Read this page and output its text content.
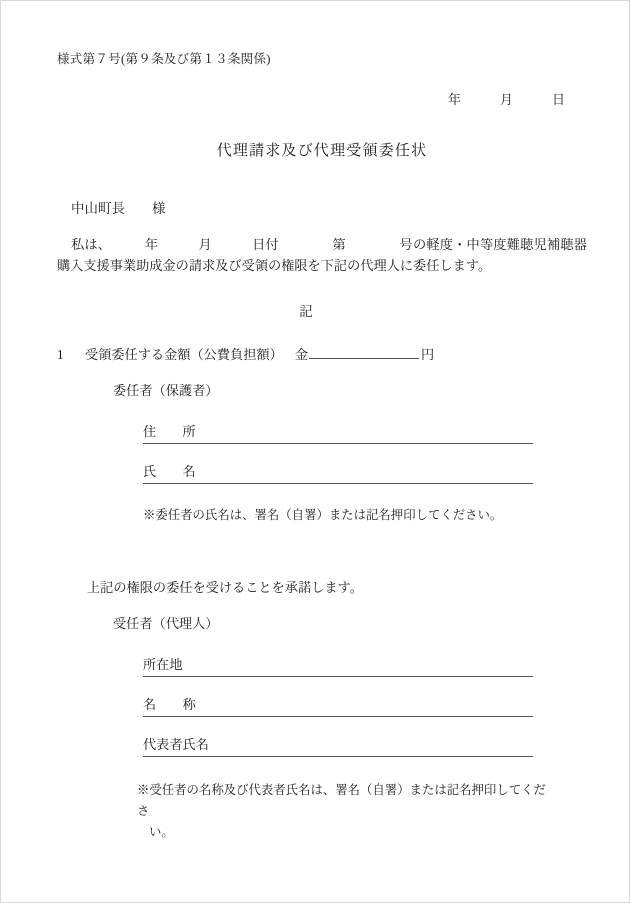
様式第７号(第９条及び第１３条関係)
年　　　月　　　日
代理請求及び代理受領委任状
中山町長　　様
私は、　　　年　　　月　　　日付　　　　第　　　　号の軽度・中等度難聴児補聴器購入支援事業助成金の請求及び受領の権限を下記の代理人に委任します。
記
1	受領委任する金額（公費負担額） 金	円
委任者（保護者）
住　　所
氏　　名
※委任者の氏名は、署名（自署）または記名押印してください。
上記の権限の委任を受けることを承諾します。
受任者（代理人）
所在地
名　　称
代表者氏名
※受任者の名称及び代表者氏名は、署名（自署）または記名押印してくださ
い。
